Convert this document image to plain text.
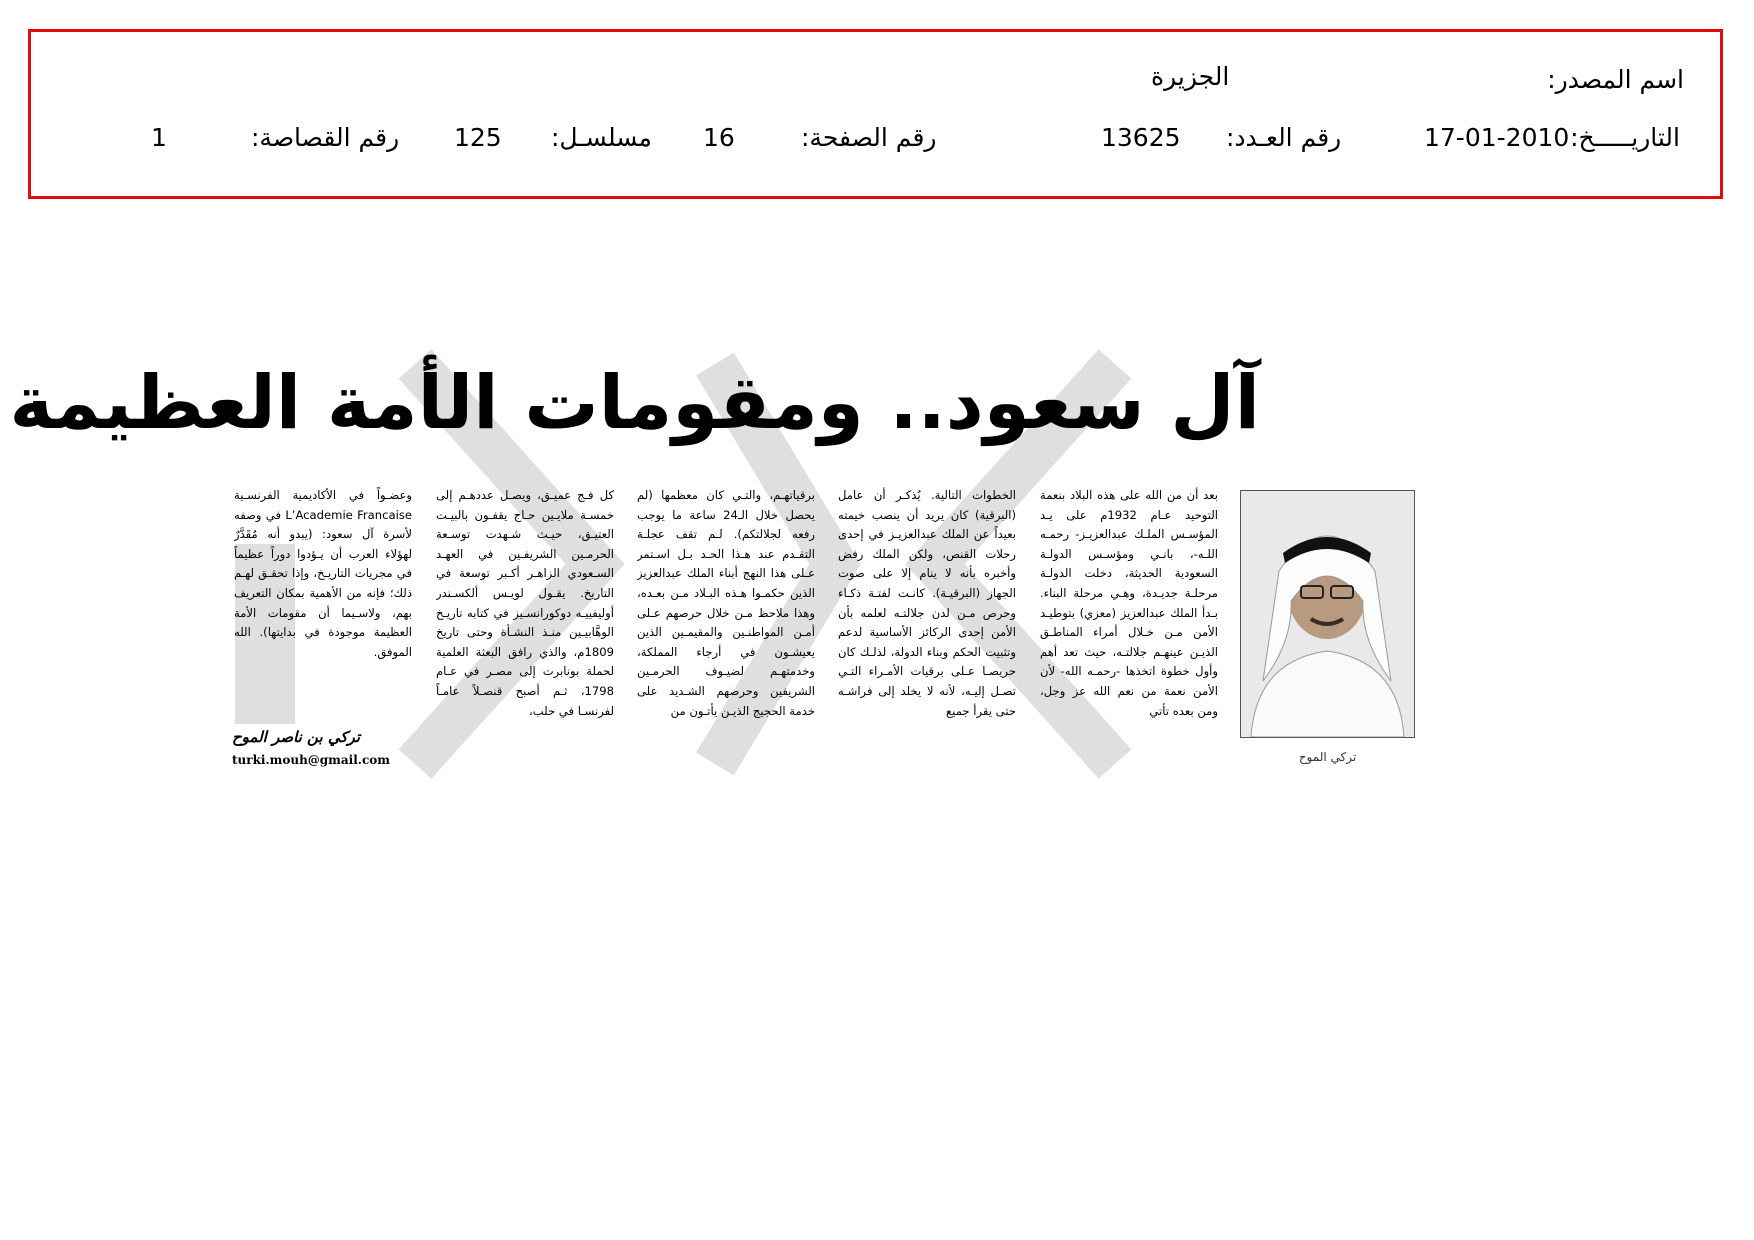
اسم المصدر:
الجزيرة
التاريـــــخ:
17-01-2010
رقم العـدد:
13625
رقم الصفحة:
16
مسلسـل:
125
رقم القصاصة:
1
آل سعود.. ومقومات الأمة العظيمة
تركي الموح

بعد أن من الله على هذه البلاد بنعمة التوحيد عـام 1932م على يـد المؤسـس الملـك عبدالعزيـز- رحمـه اللـه-، بانـي ومؤسـس الدولـة السعودية الحديثة، دخلت الدولـة مرحلـة جديـدة، وهـي مرحلة البناء. بـدأ الملك عبدالعزيز (معزي) بتوطيـد الأمن مـن خـلال أمراء المناطـق الذيـن عينهـم جلالتـه، حيث تعد أهم وأول خطوة اتخذها -رحمـه الله- لأن الأمن نعمة من نعم الله عز وجل، ومن بعده تأتي

الخطوات التالية. يُذكـر أن عامل (البرقية) كان يريد أن ينصب خيمته بعيداً عن الملك عبدالعزيـز في إحدى رحلات القنص، ولكن الملك رفض وأخبره بأنه لا ينام إلا على صوت الجهاز (البرقيـة). كانـت لفتـة ذكـاء وحرص مـن لدن جلالتـه لعلمه بأن الأمن إحدى الركائز الأساسية لدعم وتثبيت الحكم وبناء الدولة، لذلـك كان حريصـا عـلى برقيات الأمـراء التـي تصـل إليـه، لأنه لا يخلد إلى فراشـه حتى يقرأ جميع

برقياتهـم، والتـي كان معظمها (لم يحصل خلال الـ24 ساعة ما يوجب رفعه لجلالتكم). لـم تقف عجلـة التقـدم عند هـذا الحـد بـل اسـتمر عـلى هذا النهج أبناء الملك عبدالعزيز الذين حكمـوا هـذه البـلاد مـن بعـده، وهذا ملاحظ مـن خلال حرصهم عـلى أمـن المواطنـين والمقيمـين الذين يعيشـون في أرجاء المملكة، وخدمتهـم لضيـوف الحرمـين الشريفين وحرصهم الشـديد على خدمة الحجيج الذيـن يأتـون من

كل فـج عميـق، ويصـل عددهـم إلى خمسـة ملايـين حـاج يقفـون بالبيـت العتيـق، حيـث شـهدت توسـعة الحرمـين الشريفـين في العهـد السـعودي الزاهـر أكـبر توسعة في التاريخ. يقـول لويـس ألكسـندر أوليفييـه دوكورانسـيز في كتابه تاريـخ الوهَّابيـين منـذ النشـأة وحتى تاريخ 1809م، والذي رافق البعثة العلمية لحملة بونابرت إلى مصـر في عـام 1798، ثـم أصبح قنصـلاً عامـاً لفرنسـا في حلب،

وعضـواً في الأكاديمية الفرنسـية L’Academie Francaise في وصفه لأسرة آل سعود: (يبدو أنه مُقَدَّرٌ لهؤلاء العرب أن يـؤدوا دوراً عظيماً في مجريات التاريـخ، وإذا تحقـق لهـم ذلك؛ فإنه من الأهمية بمكان التعريف بهم، ولاسـيما أن مقومات الأمة العظيمة موجودة في بدايتها). الله الموفق.

تركي بن ناصر الموح
turki.mouh@gmail.com
